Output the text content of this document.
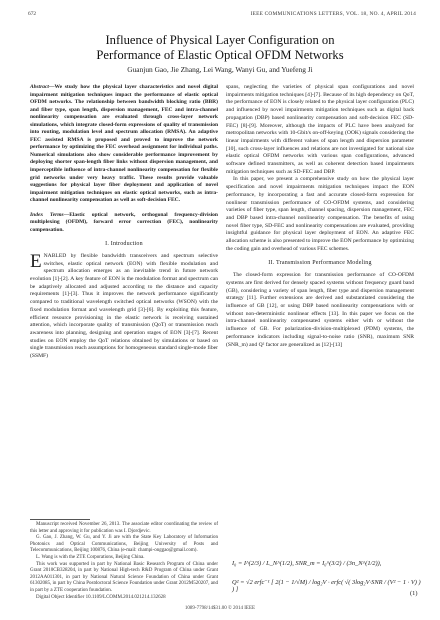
672	IEEE COMMUNICATIONS LETTERS, VOL. 18, NO. 4, APRIL 2014
Influence of Physical Layer Configuration on
Performance of Elastic Optical OFDM Networks
Guanjun Gao, Jie Zhang, Lei Wang, Wanyi Gu, and Yuefeng Ji
Abstract—We study how the physical layer characteristics and novel digital impairment mitigation techniques impact the performance of elastic optical OFDM networks. The relationship between bandwidth blocking ratio (BBR) and fiber type, span length, dispersion management, FEC and intra-channel nonlinearity compensation are evaluated through cross-layer network simulations, which integrate closed-form expressions of quality of transmission into routing, modulation level and spectrum allocation (RMSA). An adaptive FEC assisted RMSA is proposed and proved to improve the network performance by optimizing the FEC overhead assignment for individual paths. Numerical simulations also show considerable performance improvement by deploying shorter span-length fiber links without dispersion management, and imperceptible influence of intra-channel nonlinearity compensation for flexible grid networks under very heavy traffic. These results provide valuable suggestions for physical layer fiber deployment and application of novel impairment mitigation techniques on elastic optical networks, such as intra-channel nonlinearity compensation as well as soft-decision FEC.
Index Terms—Elastic optical network, orthogonal frequency-division multiplexing (OFDM), forward error correction (FEC), nonlinearity compensation.
I. Introduction
ENABLED by flexible bandwidth transceivers and spectrum selective switches, elastic optical network (EON) with flexible modulation and spectrum allocation emerges as an inevitable trend in future network evolution [1]-[2]. A key feature of EON is the modulation format and spectrum can be adaptively allocated and adjusted according to the distance and capacity requirements [1]-[3]. Thus it improves the network performance significantly compared to traditional wavelength switched optical networks (WSON) with the fixed modulation format and wavelength grid [3]-[6]. By exploiting this feature, efficient resource provisioning in the elastic network is receiving sustained attention, which incorporate quality of transmission (QoT) or transmission reach awareness into planning, designing and operation stages of EON [3]-[7]. Recent studies on EON employ the QoT relations obtained by simulations or based on single transmission reach assumptions for homogeneous standard single-mode fiber (SSMF)
Manuscript received November 26, 2013. The associate editor coordinating the review of this letter and approving it for publication was I. Djordjevic.
G. Gao, J. Zhang, W. Gu, and Y. Ji are with the State Key Laboratory of Information Photonics and Optical Communications, Beijing University of Posts and Telecommunications, Beijing 100876, China (e-mail: champi-onggao@gmail.com).
L. Wang is with the ZTE Corporations, Beijing China.
This work was supported in part by National Basic Research Program of China under Grant 2010CB328204, in part by National High-tech R&D Program of China under Grant 2012AA011301, in part by National Natural Science Foundation of China under Grant 61302085, in part by China Postdoctoral Science Foundation under Grant 2012M520207, and in part by a ZTE cooperation foundation.
Digital Object Identifier 10.1109/LCOMM.2014.021214.132628

spans, neglecting the varieties of physical span configurations and novel impairments mitigation techniques [4]-[7]. Because of its high dependency on QoT, the performance of EON is closely related to the physical layer configuration (PLC) and influenced by novel impairments mitigation techniques such as digital back propagation (DBP) based nonlinearity compensation and soft-decision FEC (SD-FEC) [8]-[9]. Moreover, although the impacts of PLC have been analyzed for metropolitan networks with 10-Gbit/s on-off-keying (OOK) signals considering the linear impairments with different values of span length and dispersion parameter [10], such cross-layer influences and relations are not investigated for national size elastic optical OFDM networks with various span configurations, advanced software defined transmitters, as well as coherent detection based impairments mitigation techniques such as SD-FEC and DBP.

In this paper, we present a comprehensive study on how the physical layer specification and novel impairments mitigation techniques impact the EON performance, by incorporating a fast and accurate closed-form expression for nonlinear transmission performance of CO-OFDM systems, and considering varieties of fiber type, span length, channel spacing, dispersion management, FEC and DBP based intra-channel nonlinearity compensation. The benefits of using novel fiber type, SD-FEC and nonlinearity compensations are evaluated, providing insightful guidance for physical layer deployment of EON. An adaptive FEC allocation scheme is also presented to improve the EON performance by optimizing the coding gain and overhead of various FEC schemes.

II. Transmission Performance Modeling

The closed-form expression for transmission performance of CO-OFDM systems are first derived for densely spaced systems without frequency guard band (GB), considering a variety of span length, fiber type and dispersion management strategy [11]. Further extensions are derived and substantiated considering the influence of GB [12], or using DBP based nonlinearity compensations with or without non-deterministic nonlinear effects [13]. In this paper we focus on the intra-channel nonlinearity compensated systems either with or without the influence of GB. For polarization-division-multiplexed (PDM) systems, the performance indicators including signal-to-noise ratio (SNR), maximum SNR (SNR_m) and Q² factor are generalized as [12]-[13]

I₀ = I^(2/3) / L_N^(1/2), SNR_m = I₀^(3/2) / (3n_N^(1/2)),
Q² = √2 erfc⁻¹ [ 2(1 − 1/√M) / log₂V · erfc( √( 3log₂V·SNR / (V² − 1 · V) ) ) ]
(1)
1089-7798/14$31.00 © 2014 IEEE
